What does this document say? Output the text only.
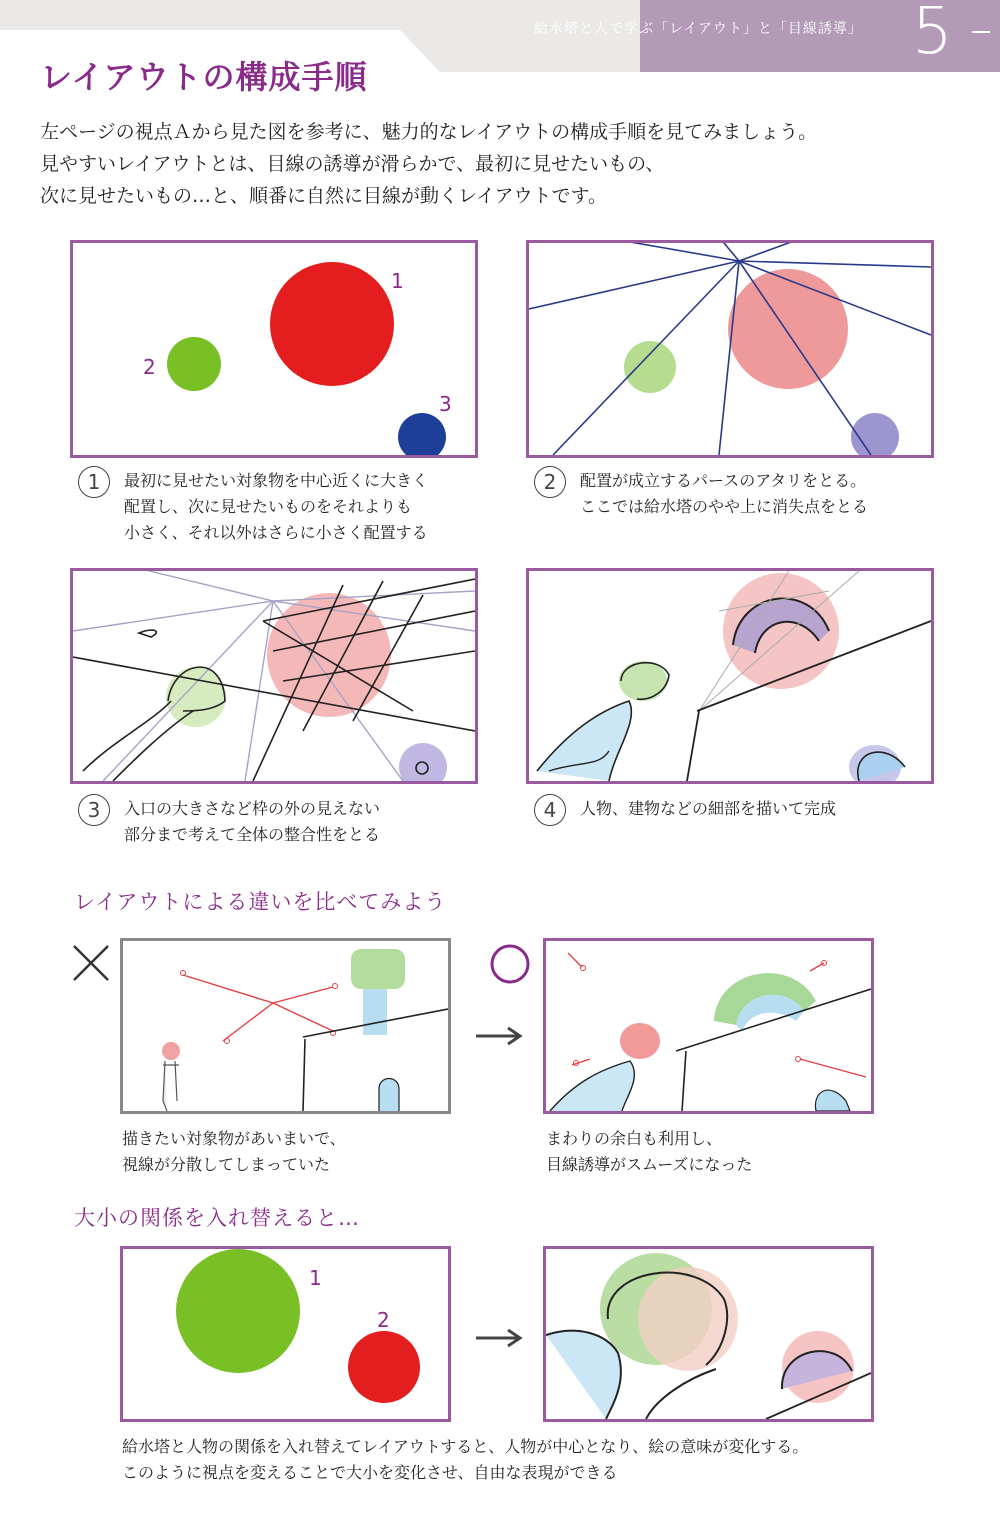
給水塔と人で学ぶ「レイアウト」と「目線誘導」 5
レイアウトの構成手順
左ページの視点Ａから見た図を参考に、魅力的なレイアウトの構成手順を見てみましょう。
見やすいレイアウトとは、目線の誘導が滑らかで、最初に見せたいもの、
次に見せたいもの…と、順番に自然に目線が動くレイアウトです。
1
2
3
1	最初に見せたい対象物を中心近くに大きく
配置し、次に見せたいものをそれよりも
小さく、それ以外はさらに小さく配置する
2	配置が成立するパースのアタリをとる。
ここでは給水塔のやや上に消失点をとる
3	入口の大きさなど枠の外の見えない
部分まで考えて全体の整合性をとる
4	人物、建物などの細部を描いて完成
レイアウトによる違いを比べてみよう
描きたい対象物があいまいで、
視線が分散してしまっていた
まわりの余白も利用し、
目線誘導がスムーズになった
大小の関係を入れ替えると…
1
2
給水塔と人物の関係を入れ替えてレイアウトすると、人物が中心となり、絵の意味が変化する。
このように視点を変えることで大小を変化させ、自由な表現ができる
